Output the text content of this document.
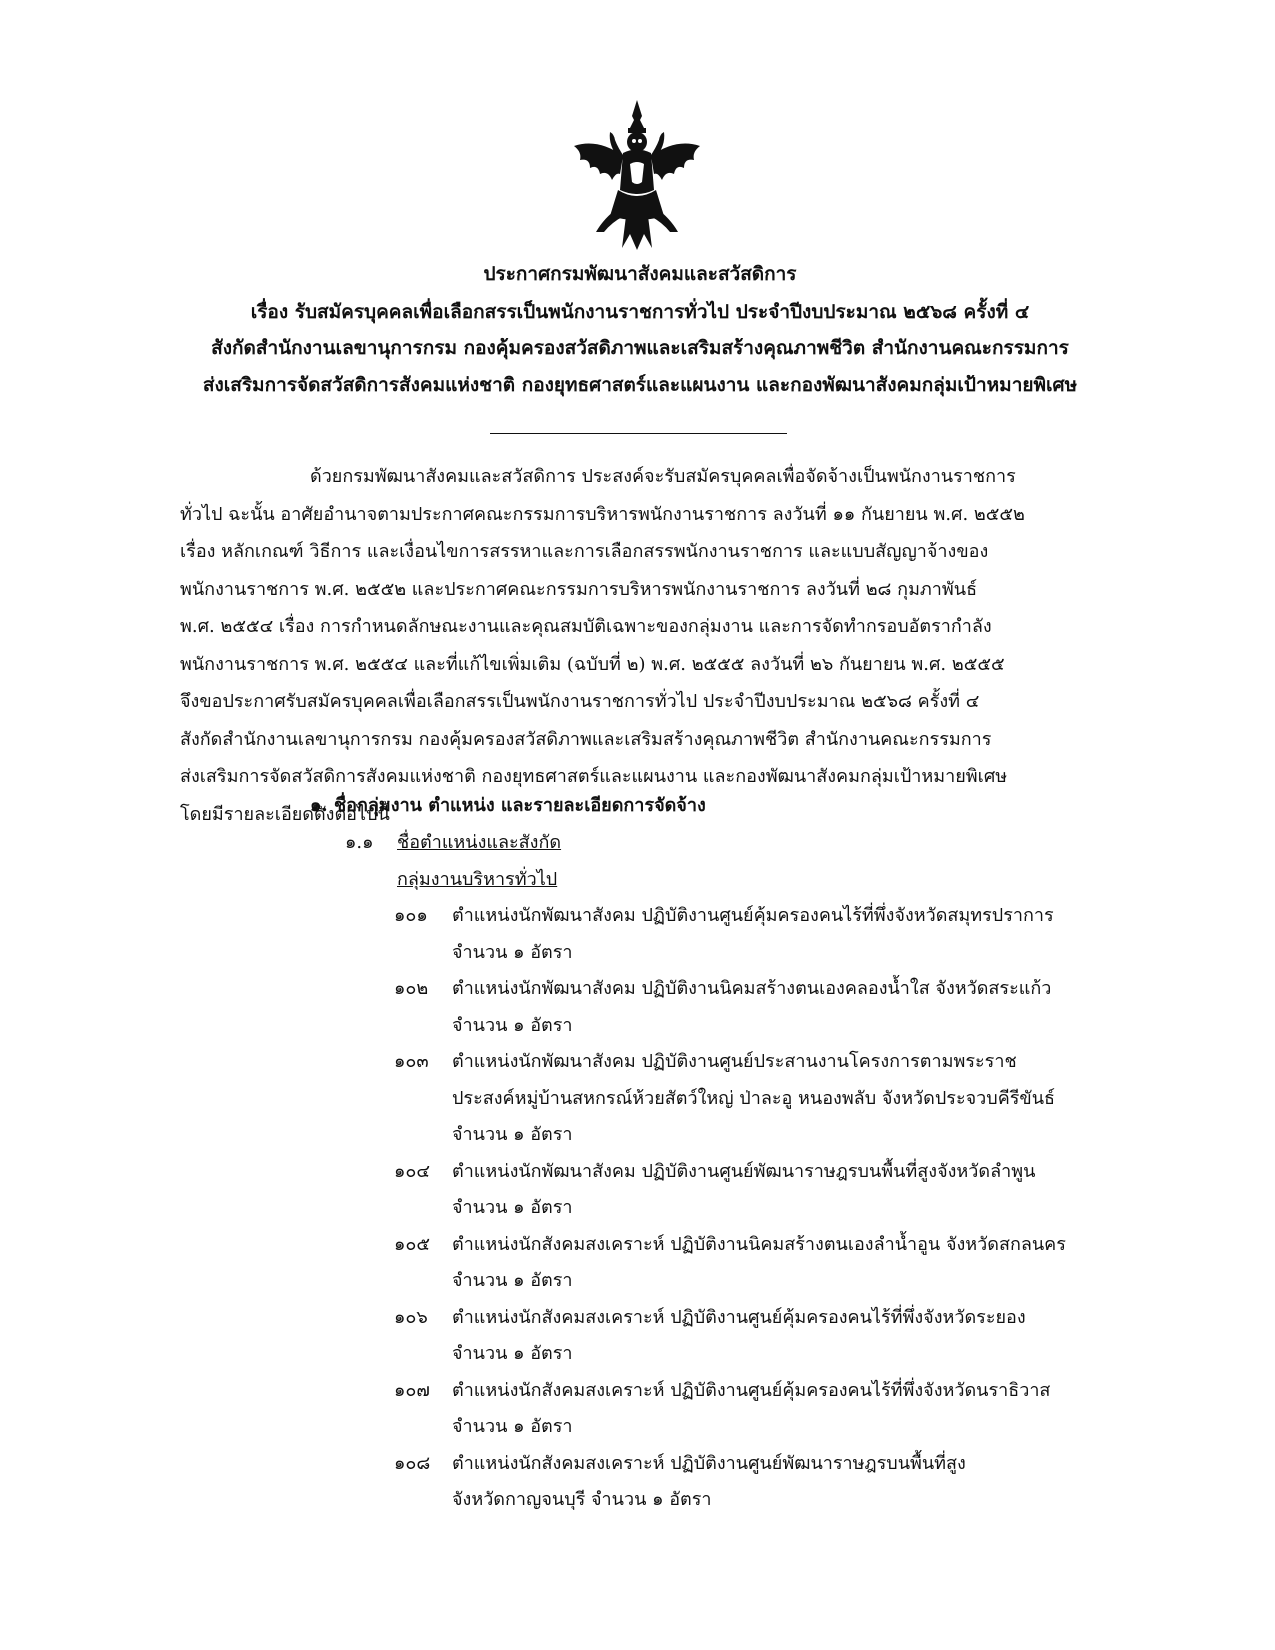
ประกาศกรมพัฒนาสังคมและสวัสดิการ
เรื่อง รับสมัครบุคคลเพื่อเลือกสรรเป็นพนักงานราชการทั่วไป ประจำปีงบประมาณ ๒๕๖๘ ครั้งที่ ๔
สังกัดสำนักงานเลขานุการกรม กองคุ้มครองสวัสดิภาพและเสริมสร้างคุณภาพชีวิต สำนักงานคณะกรรมการ
ส่งเสริมการจัดสวัสดิการสังคมแห่งชาติ กองยุทธศาสตร์และแผนงาน และกองพัฒนาสังคมกลุ่มเป้าหมายพิเศษ
ด้วยกรมพัฒนาสังคมและสวัสดิการ ประสงค์จะรับสมัครบุคคลเพื่อจัดจ้างเป็นพนักงานราชการ
ทั่วไป ฉะนั้น อาศัยอำนาจตามประกาศคณะกรรมการบริหารพนักงานราชการ ลงวันที่ ๑๑ กันยายน พ.ศ. ๒๕๕๒
เรื่อง หลักเกณฑ์ วิธีการ และเงื่อนไขการสรรหาและการเลือกสรรพนักงานราชการ และแบบสัญญาจ้างของ
พนักงานราชการ พ.ศ. ๒๕๕๒ และประกาศคณะกรรมการบริหารพนักงานราชการ ลงวันที่ ๒๘ กุมภาพันธ์
พ.ศ. ๒๕๕๔ เรื่อง การกำหนดลักษณะงานและคุณสมบัติเฉพาะของกลุ่มงาน และการจัดทำกรอบอัตรากำลัง
พนักงานราชการ พ.ศ. ๒๕๕๔ และที่แก้ไขเพิ่มเติม (ฉบับที่ ๒) พ.ศ. ๒๕๕๕ ลงวันที่ ๒๖ กันยายน พ.ศ. ๒๕๕๕
จึงขอประกาศรับสมัครบุคคลเพื่อเลือกสรรเป็นพนักงานราชการทั่วไป ประจำปีงบประมาณ ๒๕๖๘ ครั้งที่ ๔
สังกัดสำนักงานเลขานุการกรม กองคุ้มครองสวัสดิภาพและเสริมสร้างคุณภาพชีวิต สำนักงานคณะกรรมการ
ส่งเสริมการจัดสวัสดิการสังคมแห่งชาติ กองยุทธศาสตร์และแผนงาน และกองพัฒนาสังคมกลุ่มเป้าหมายพิเศษ
โดยมีรายละเอียดดังต่อไปนี้
๑. ชื่อกลุ่มงาน ตำแหน่ง และรายละเอียดการจัดจ้าง
๑.๑ ชื่อตำแหน่งและสังกัด
กลุ่มงานบริหารทั่วไป
๑๐๑	ตำแหน่งนักพัฒนาสังคม ปฏิบัติงานศูนย์คุ้มครองคนไร้ที่พึ่งจังหวัดสมุทรปราการ
จำนวน ๑ อัตรา
๑๐๒	ตำแหน่งนักพัฒนาสังคม ปฏิบัติงานนิคมสร้างตนเองคลองน้ำใส จังหวัดสระแก้ว
จำนวน ๑ อัตรา
๑๐๓	ตำแหน่งนักพัฒนาสังคม ปฏิบัติงานศูนย์ประสานงานโครงการตามพระราช
ประสงค์หมู่บ้านสหกรณ์ห้วยสัตว์ใหญ่ ป่าละอู หนองพลับ จังหวัดประจวบคีรีขันธ์
จำนวน ๑ อัตรา
๑๐๔	ตำแหน่งนักพัฒนาสังคม ปฏิบัติงานศูนย์พัฒนาราษฎรบนพื้นที่สูงจังหวัดลำพูน
จำนวน ๑ อัตรา
๑๐๕	ตำแหน่งนักสังคมสงเคราะห์ ปฏิบัติงานนิคมสร้างตนเองลำน้ำอูน จังหวัดสกลนคร
จำนวน ๑ อัตรา
๑๐๖	ตำแหน่งนักสังคมสงเคราะห์ ปฏิบัติงานศูนย์คุ้มครองคนไร้ที่พึ่งจังหวัดระยอง
จำนวน ๑ อัตรา
๑๐๗	ตำแหน่งนักสังคมสงเคราะห์ ปฏิบัติงานศูนย์คุ้มครองคนไร้ที่พึ่งจังหวัดนราธิวาส
จำนวน ๑ อัตรา
๑๐๘	ตำแหน่งนักสังคมสงเคราะห์ ปฏิบัติงานศูนย์พัฒนาราษฎรบนพื้นที่สูง
จังหวัดกาญจนบุรี จำนวน ๑ อัตรา
